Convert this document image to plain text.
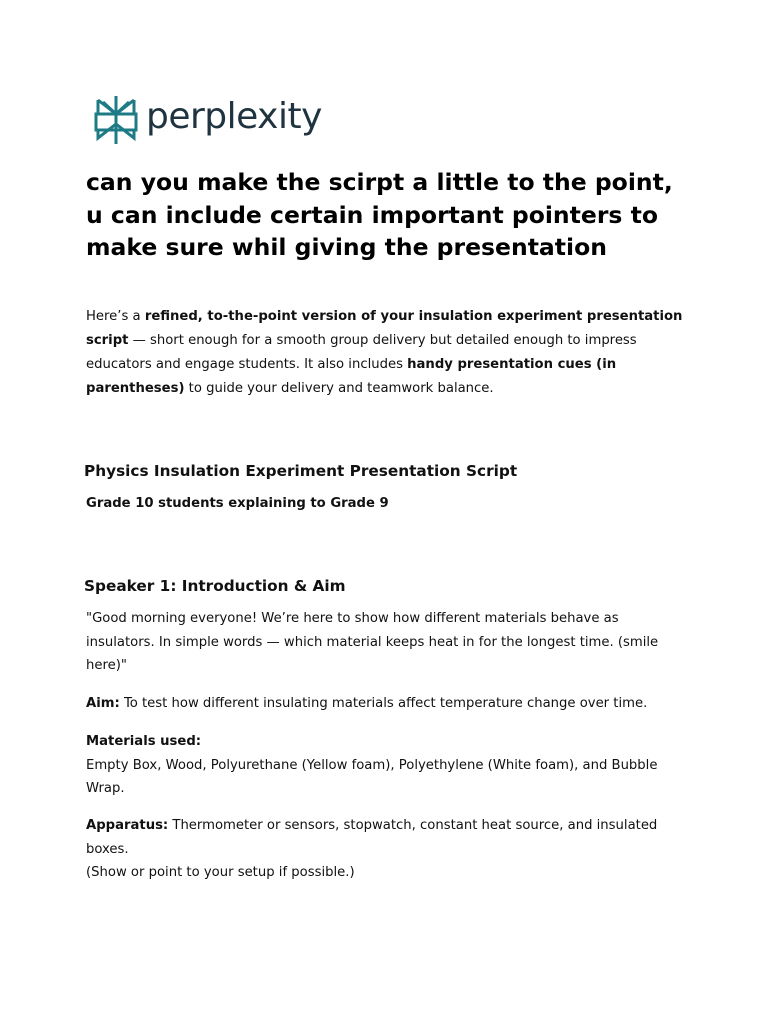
perplexity
can you make the scirpt a little to the point, u can include certain important pointers to make sure whil giving the presentation

Here’s a refined, to-the-point version of your insulation experiment presentation script — short enough for a smooth group delivery but detailed enough to impress educators and engage students. It also includes handy presentation cues (in parentheses) to guide your delivery and teamwork balance.

Physics Insulation Experiment Presentation Script

Grade 10 students explaining to Grade 9

Speaker 1: Introduction & Aim

"Good morning everyone! We’re here to show how different materials behave as insulators. In simple words — which material keeps heat in for the longest time. (smile here)"

Aim: To test how different insulating materials affect temperature change over time.

Materials used:
Empty Box, Wood, Polyurethane (Yellow foam), Polyethylene (White foam), and Bubble Wrap.

Apparatus: Thermometer or sensors, stopwatch, constant heat source, and insulated boxes.
(Show or point to your setup if possible.)
